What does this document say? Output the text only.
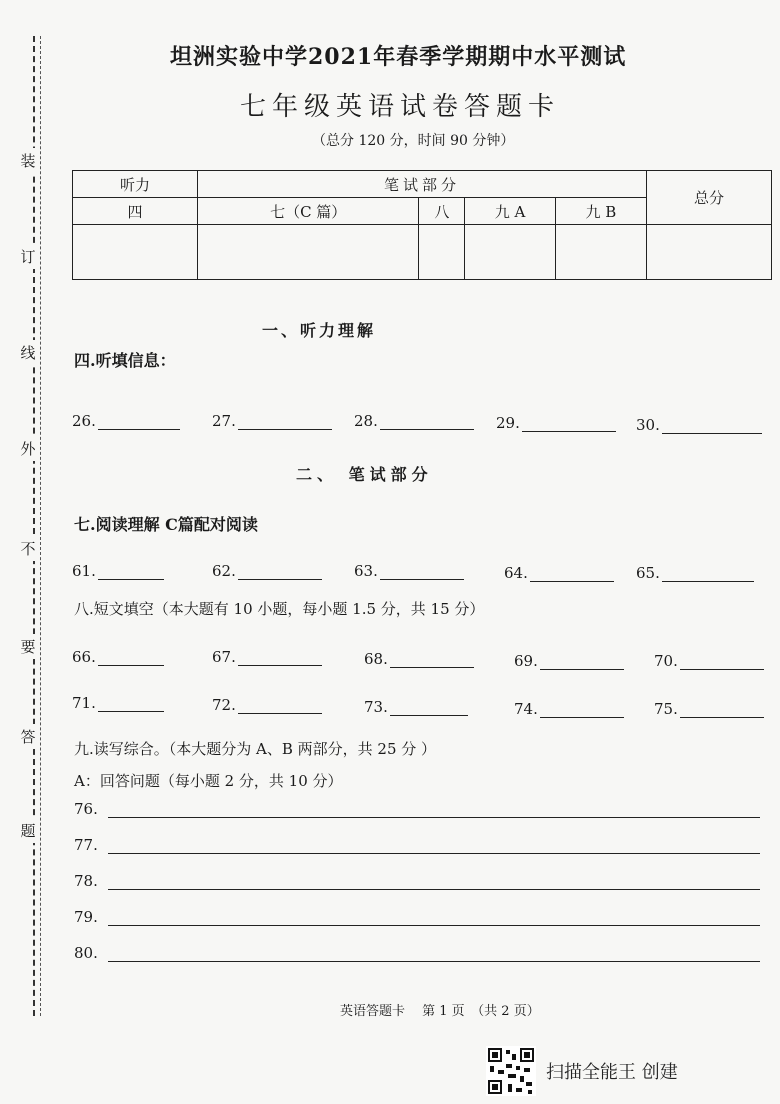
装
订
线
外
不
要
答
题
坦洲实验中学2021年春季学期期中水平测试
七年级英语试卷答题卡
（总分 120 分，时间 90 分钟）
听力	笔试部分				总分
四	七（C 篇）	八	九 A	九 B	

一、听力理解
四.听填信息：
26.	27.	28.	29.	30.
二、 笔试部分
七.阅读理解 C篇配对阅读
61.	62.	63.	64.	65.
八.短文填空（本大题有 10 小题，每小题 1.5 分，共 15 分）
66.	67.	68.	69.	70.
71.	72.	73.	74.	75.
九.读写综合。（本大题分为 A、B 两部分，共 25 分 ）
A：回答问题（每小题 2 分，共 10 分）
76.
77.
78.
79.
80.
英语答题卡　 第 1 页　（共 2 页）
扫描全能王 创建
